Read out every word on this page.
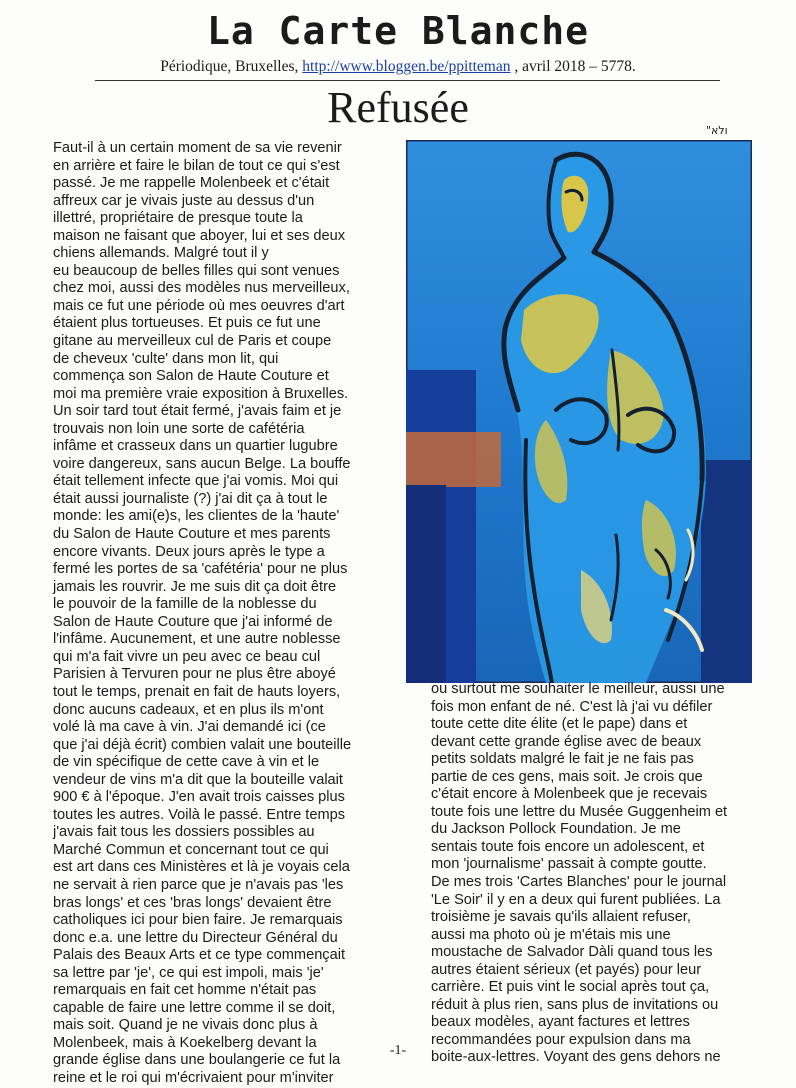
La Carte Blanche
Périodique, Bruxelles, http://www.bloggen.be/ppitteman , avril 2018 – 5778.
Refusée	ולא"
Faut-il à un certain moment de sa vie revenir
en arrière et faire le bilan de tout ce qui s'est
passé. Je me rappelle Molenbeek et c'était
affreux car je vivais juste au dessus d'un
illettré, propriétaire de presque toute la
maison ne faisant que aboyer, lui et ses deux
chiens allemands. Malgré tout il y
eu beaucoup de belles filles qui sont venues
chez moi, aussi des modèles nus merveilleux,
mais ce fut une période où mes oeuvres d'art
étaient plus tortueuses. Et puis ce fut une
gitane au merveilleux cul de Paris et coupe
de cheveux 'culte' dans mon lit, qui
commença son Salon de Haute Couture et
moi ma première vraie exposition à Bruxelles.
Un soir tard tout était fermé, j'avais faim et je
trouvais non loin une sorte de cafétéria
infâme et crasseux dans un quartier lugubre
voire dangereux, sans aucun Belge. La bouffe
était tellement infecte que j'ai vomis. Moi qui
était aussi journaliste (?) j'ai dit ça à tout le
monde: les ami(e)s, les clientes de la 'haute'
du Salon de Haute Couture et mes parents
encore vivants. Deux jours après le type a
fermé les portes de sa 'cafétéria' pour ne plus
jamais les rouvrir. Je me suis dit ça doit être
le pouvoir de la famille de la noblesse du
Salon de Haute Couture que j'ai informé de
l'infâme. Aucunement, et une autre noblesse
qui m'a fait vivre un peu avec ce beau cul
Parisien à Tervuren pour ne plus être aboyé
tout le temps, prenait en fait de hauts loyers,
donc aucuns cadeaux, et en plus ils m'ont
volé là ma cave à vin. J'ai demandé ici (ce
que j'ai déjà écrit) combien valait une bouteille
de vin spécifique de cette cave à vin et le
vendeur de vins m'a dit que la bouteille valait
900 € à l'époque. J'en avait trois caisses plus
toutes les autres. Voilà le passé. Entre temps
j'avais fait tous les dossiers possibles au
Marché Commun et concernant tout ce qui
est art dans ces Ministères et là je voyais cela
ne servait à rien parce que je n'avais pas 'les
bras longs' et ces 'bras longs' devaient être
catholiques ici pour bien faire. Je remarquais
donc e.a. une lettre du Directeur Général du
Palais des Beaux Arts et ce type commençait
sa lettre par 'je', ce qui est impoli, mais 'je'
remarquais en fait cet homme n'était pas
capable de faire une lettre comme il se doit,
mais soit. Quand je ne vivais donc plus à
Molenbeek, mais à Koekelberg devant la
grande église dans une boulangerie ce fut la
reine et le roi qui m'écrivaient pour m'inviter
ou surtout me souhaiter le meilleur, aussi une
fois mon enfant de né. C'est là j'ai vu défiler
toute cette dite élite (et le pape) dans et
devant cette grande église avec de beaux
petits soldats malgré le fait je ne fais pas
partie de ces gens, mais soit. Je crois que
c'était encore à Molenbeek que je recevais
toute fois une lettre du Musée Guggenheim et
du Jackson Pollock Foundation. Je me
sentais toute fois encore un adolescent, et
mon 'journalisme' passait à compte goutte.
De mes trois 'Cartes Blanches' pour le journal
'Le Soir' il y en a deux qui furent publiées. La
troisième je savais qu'ils allaient refuser,
aussi ma photo où je m'étais mis une
moustache de Salvador Dàli quand tous les
autres étaient sérieux (et payés) pour leur
carrière. Et puis vint le social après tout ça,
réduit à plus rien, sans plus de invitations ou
beaux modèles, ayant factures et lettres
recommandées pour expulsion dans ma
boite-aux-lettres. Voyant des gens dehors ne
-1-
